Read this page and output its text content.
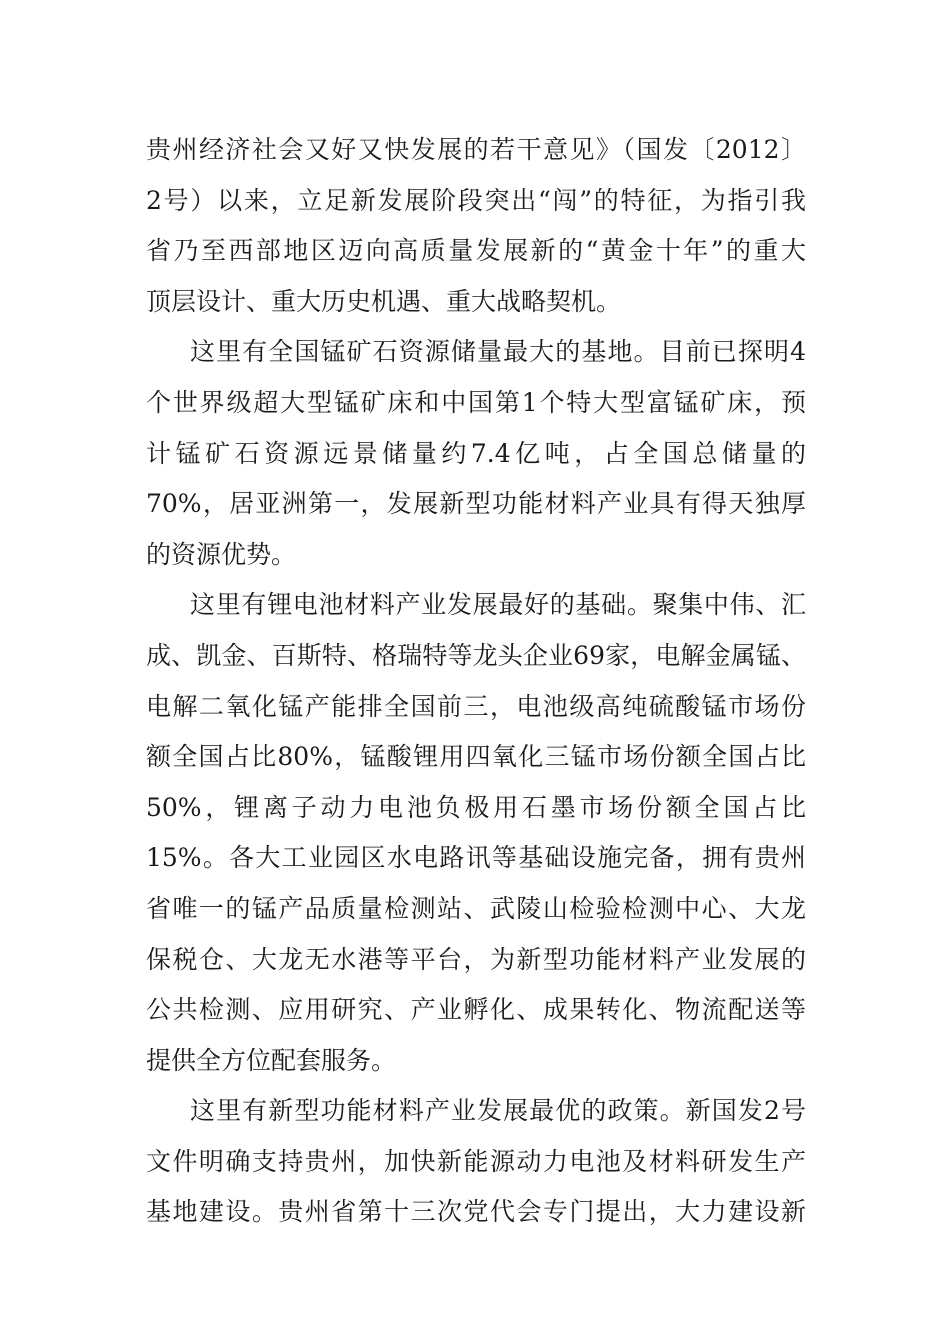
贵州经济社会又好又快发展的若干意见》（国发〔2012〕
2号）以来，立足新发展阶段突出“闯”的特征，为指引我
省乃至西部地区迈向高质量发展新的“黄金十年”的重大
顶层设计、重大历史机遇、重大战略契机。
这里有全国锰矿石资源储量最大的基地。目前已探明4
个世界级超大型锰矿床和中国第1个特大型富锰矿床，预
计锰矿石资源远景储量约7.4亿吨，占全国总储量的
70%，居亚洲第一，发展新型功能材料产业具有得天独厚
的资源优势。
这里有锂电池材料产业发展最好的基础。聚集中伟、汇
成、凯金、百斯特、格瑞特等龙头企业69家，电解金属锰、
电解二氧化锰产能排全国前三，电池级高纯硫酸锰市场份
额全国占比80%，锰酸锂用四氧化三锰市场份额全国占比
50%，锂离子动力电池负极用石墨市场份额全国占比
15%。各大工业园区水电路讯等基础设施完备，拥有贵州
省唯一的锰产品质量检测站、武陵山检验检测中心、大龙
保税仓、大龙无水港等平台，为新型功能材料产业发展的
公共检测、应用研究、产业孵化、成果转化、物流配送等
提供全方位配套服务。
这里有新型功能材料产业发展最优的政策。新国发2号
文件明确支持贵州，加快新能源动力电池及材料研发生产
基地建设。贵州省第十三次党代会专门提出，大力建设新
